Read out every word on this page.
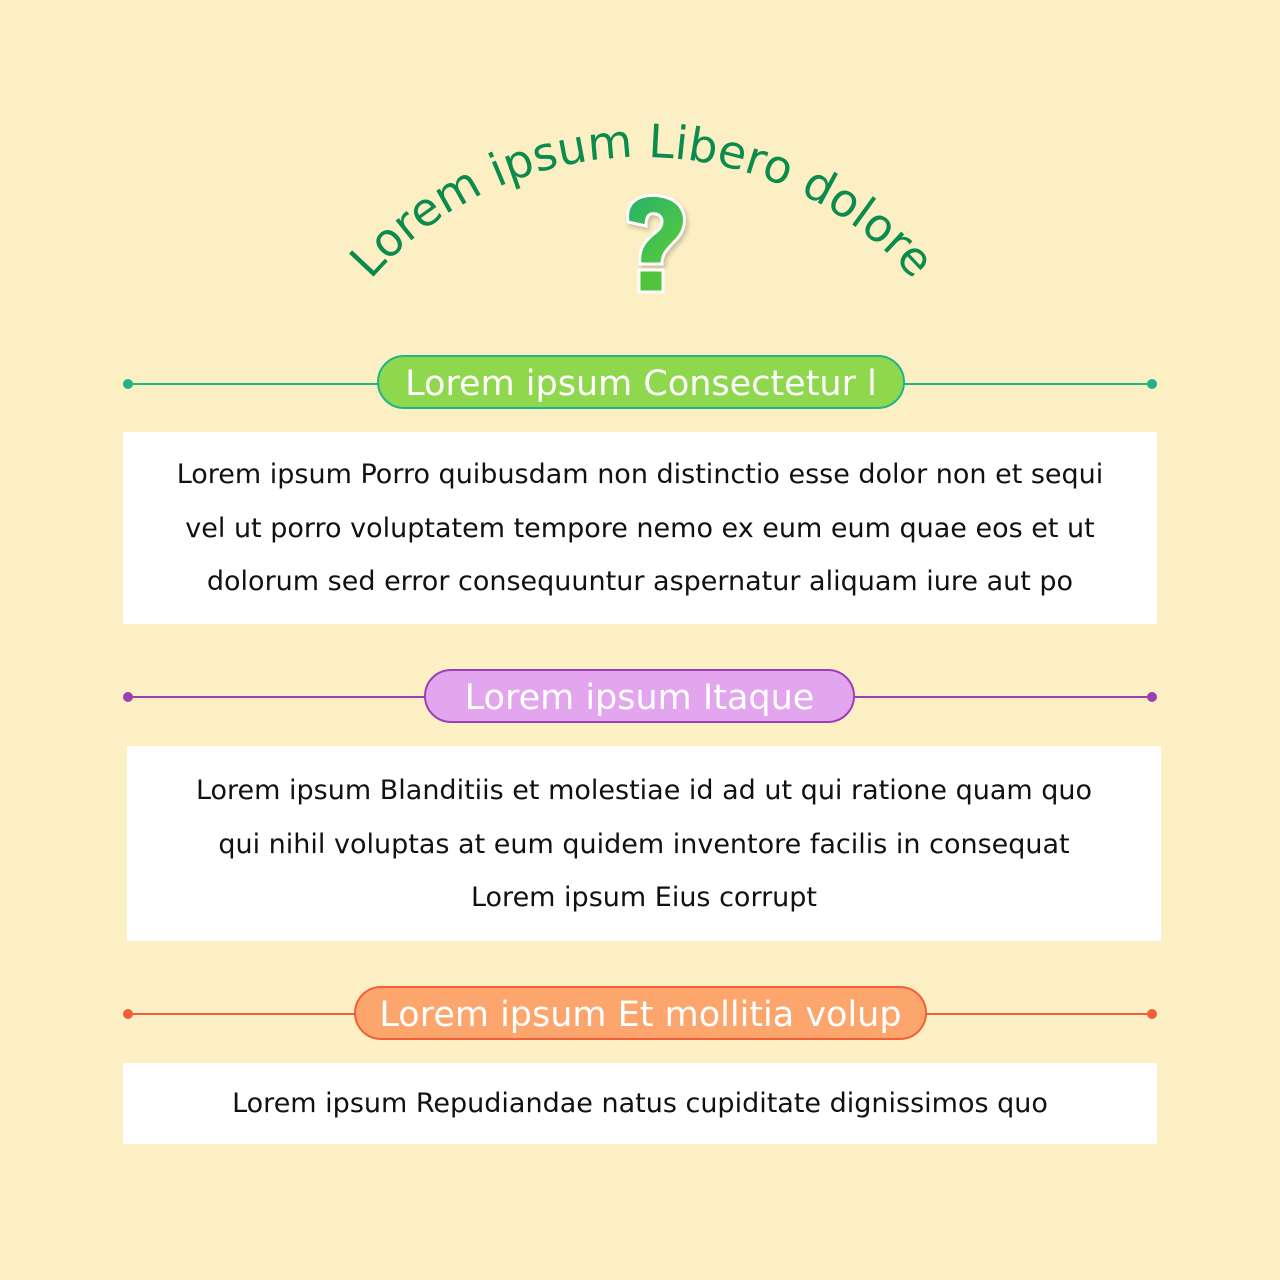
Lorem ipsum Libero dolore
Lorem ipsum Consectetur l

Lorem ipsum Porro quibusdam non distinctio esse dolor non et sequi

vel ut porro voluptatem tempore nemo ex eum eum quae eos et ut

dolorum sed error consequuntur aspernatur aliquam iure aut po

Lorem ipsum Itaque

Lorem ipsum Blanditiis et molestiae id ad ut qui ratione quam quo

qui nihil voluptas at eum quidem inventore facilis in consequat

Lorem ipsum Eius corrupt

Lorem ipsum Et mollitia volup

Lorem ipsum Repudiandae natus cupiditate dignissimos quo
